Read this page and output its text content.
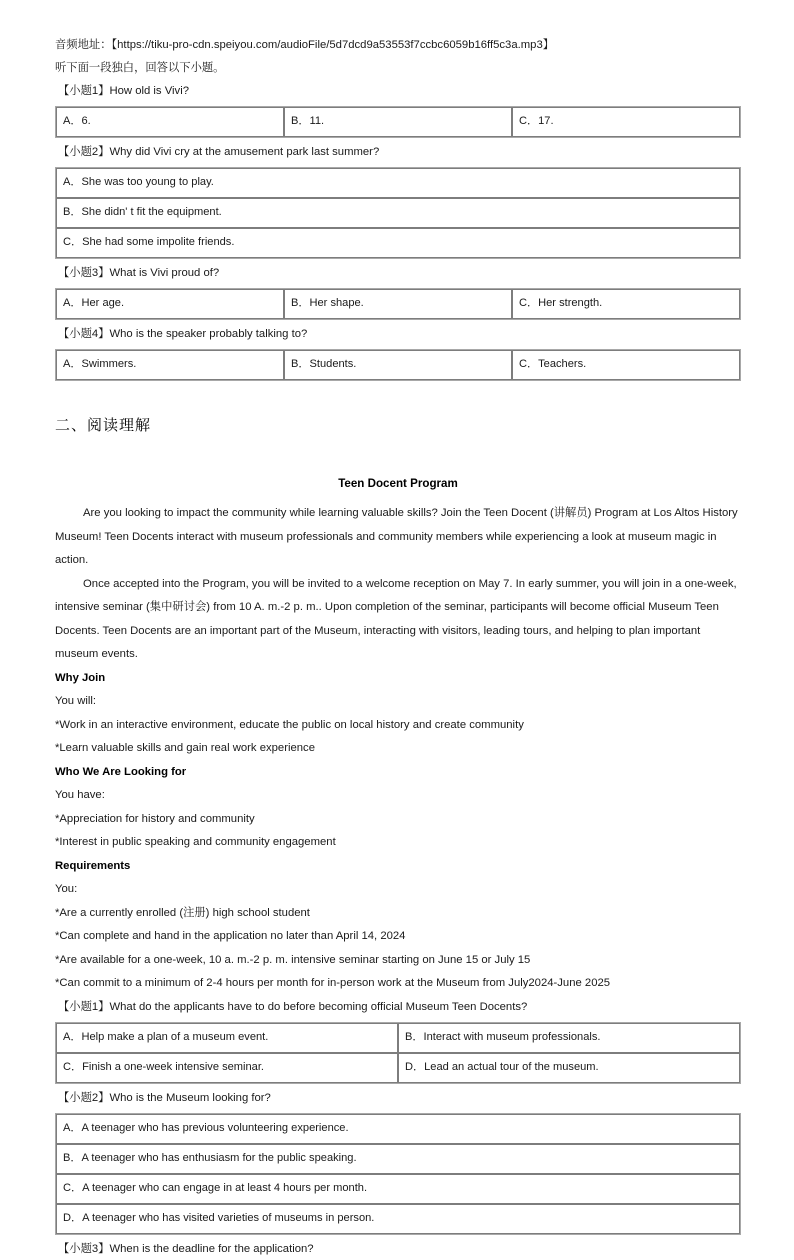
音频地址：【https://tiku-pro-cdn.speiyou.com/audioFile/5d7dcd9a53553f7ccbc6059b16ff5c3a.mp3】
听下面一段独白，回答以下小题。
【小题1】How old is Vivi?
A．6.	B．11.	C．17.
【小题2】Why did Vivi cry at the amusement park last summer?
A．She was too young to play.
B．She didn' t fit the equipment.
C．She had some impolite friends.
【小题3】What is Vivi proud of?
A．Her age.	B．Her shape.	C．Her strength.
【小题4】Who is the speaker probably talking to?
A．Swimmers.	B．Students.	C．Teachers.
二、阅读理解
Teen Docent Program

Are you looking to impact the community while learning valuable skills? Join the Teen Docent (讲解员) Program at Los Altos History Museum! Teen Docents interact with museum professionals and community members while experiencing a look at museum magic in action.

Once accepted into the Program, you will be invited to a welcome reception on May 7. In early summer, you will join in a one-week, intensive seminar (集中研讨会) from 10 A. m.-2 p. m.. Upon completion of the seminar, participants will become official Museum Teen Docents. Teen Docents are an important part of the Museum, interacting with visitors, leading tours, and helping to plan important museum events.

Why Join
You will:
*Work in an interactive environment, educate the public on local history and create community
*Learn valuable skills and gain real work experience
Who We Are Looking for
You have:
*Appreciation for history and community
*Interest in public speaking and community engagement
Requirements
You:
*Are a currently enrolled (注册) high school student
*Can complete and hand in the application no later than April 14, 2024
*Are available for a one-week, 10 a. m.-2 p. m. intensive seminar starting on June 15 or July 15
*Can commit to a minimum of 2-4 hours per month for in-person work at the Museum from July2024-June 2025
【小题1】What do the applicants have to do before becoming official Museum Teen Docents?
A．Help make a plan of a museum event.	B．Interact with museum professionals.
C．Finish a one-week intensive seminar.	D．Lead an actual tour of the museum.
【小题2】Who is the Museum looking for?
A．A teenager who has previous volunteering experience.
B．A teenager who has enthusiasm for the public speaking.
C．A teenager who can engage in at least 4 hours per month.
D．A teenager who has visited varieties of museums in person.
【小题3】When is the deadline for the application?
